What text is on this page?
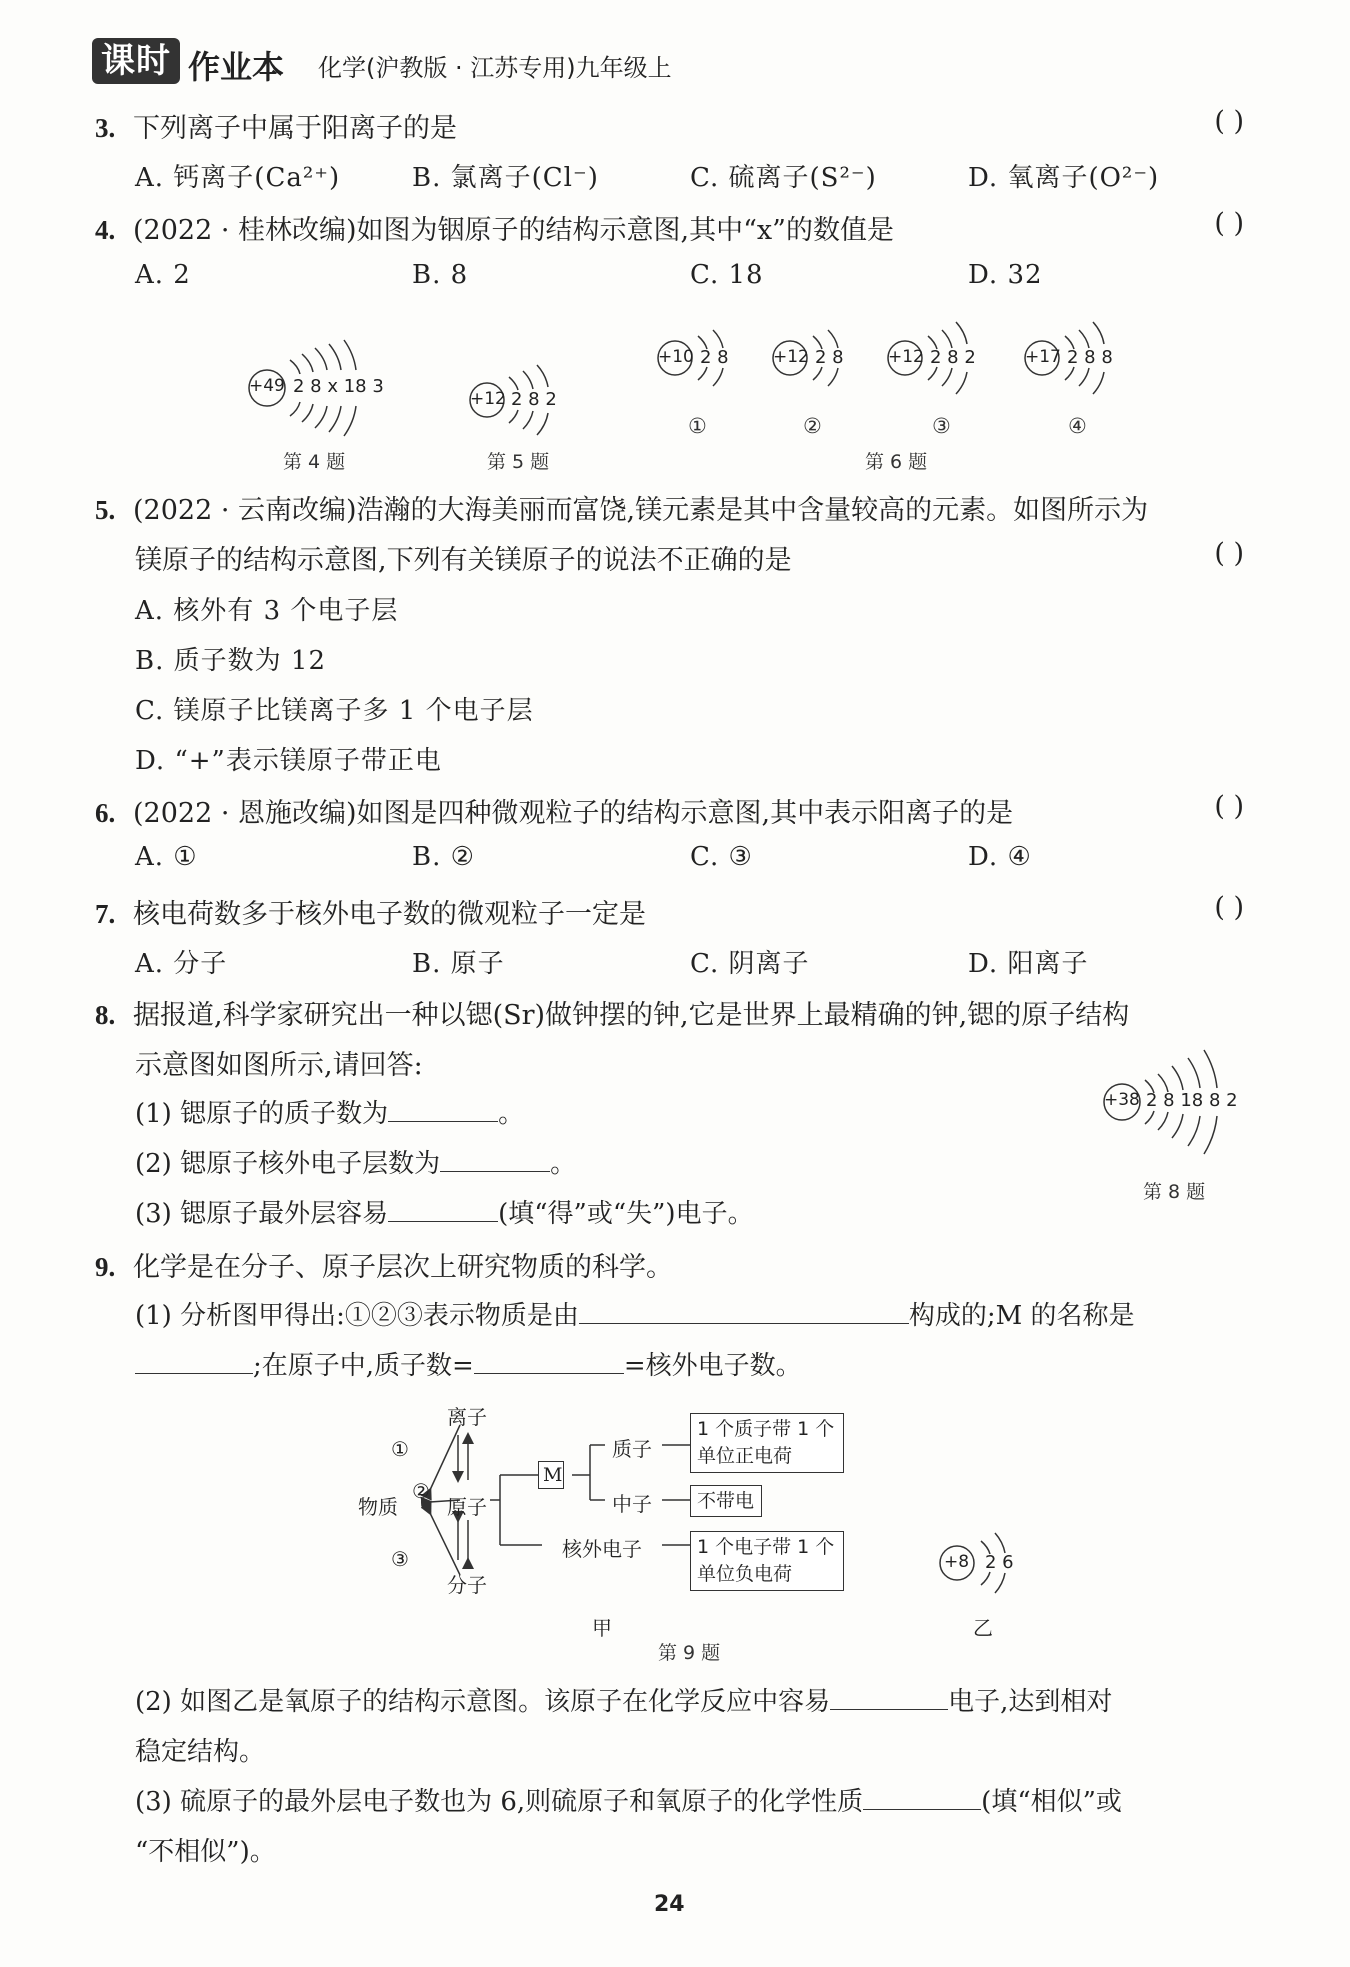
课时 作业本 化学(沪教版 · 江苏专用)九年级上
3. 下列离子中属于阳离子的是	( )
A. 钙离子(Ca²⁺)	B. 氯离子(Cl⁻)	C. 硫离子(S²⁻)	D. 氧离子(O²⁻)
4. (2022 · 桂林改编)如图为铟原子的结构示意图,其中“x”的数值是	( )
A. 2	B. 8	C. 18	D. 32
+49 2 8 x 18 3
第 4 题
+12 2 8 2
第 5 题
+10 2 8
①
+12 2 8
②
+12 2 8 2
③
+17 2 8 8
④
第 6 题
5. (2022 · 云南改编)浩瀚的大海美丽而富饶,镁元素是其中含量较高的元素。如图所示为
镁原子的结构示意图,下列有关镁原子的说法不正确的是	( )
A. 核外有 3 个电子层
B. 质子数为 12
C. 镁原子比镁离子多 1 个电子层
D. “+”表示镁原子带正电
6. (2022 · 恩施改编)如图是四种微观粒子的结构示意图,其中表示阳离子的是	( )
A. ①	B. ②	C. ③	D. ④
7. 核电荷数多于核外电子数的微观粒子一定是	( )
A. 分子	B. 原子	C. 阴离子	D. 阳离子
8. 据报道,科学家研究出一种以锶(Sr)做钟摆的钟,它是世界上最精确的钟,锶的原子结构
示意图如图所示,请回答:
(1) 锶原子的质子数为	。
(2) 锶原子核外电子层数为	。
(3) 锶原子最外层容易	(填“得”或“失”)电子。
+38 2 8 18 8 2
第 8 题
9. 化学是在分子、原子层次上研究物质的科学。
(1) 分析图甲得出:①②③表示物质是由	构成的;M 的名称是
;在原子中,质子数=	=核外电子数。
离子
物质 原子
分子
①
②
③
M
质子
中子
核外电子
1 个质子带 1 个单位正电荷
不带电
1 个电子带 1 个单位负电荷
甲
+8 2 6
乙
第 9 题
(2) 如图乙是氧原子的结构示意图。该原子在化学反应中容易	电子,达到相对
稳定结构。
(3) 硫原子的最外层电子数也为 6,则硫原子和氧原子的化学性质	(填“相似”或
“不相似”)。
24
